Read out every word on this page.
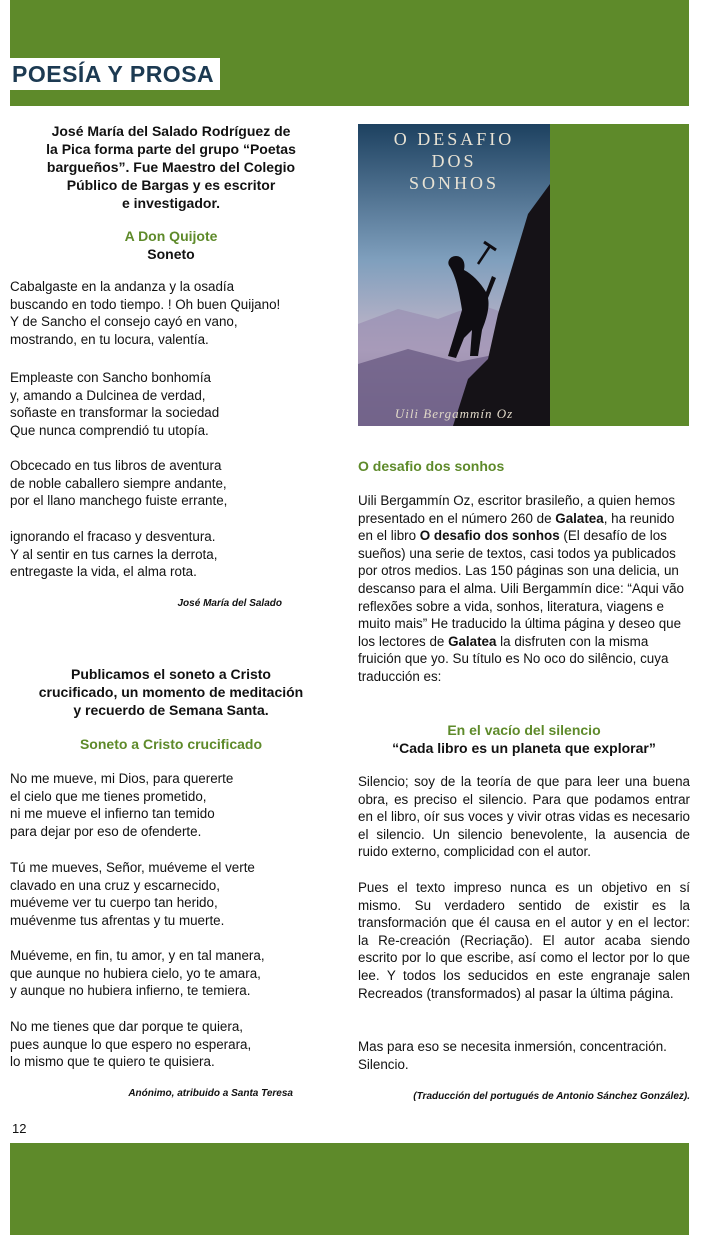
POESÍA Y PROSA
José María del Salado Rodríguez de
la Pica forma parte del grupo “Poetas
bargueños”. Fue Maestro del Colegio
Público de Bargas y es escritor
e investigador.
A Don Quijote
Soneto

Cabalgaste en la andanza y la osadía

buscando en todo tiempo. ! Oh buen Quijano!

Y de Sancho el consejo cayó en vano,

mostrando, en tu locura, valentía.

Empleaste con Sancho bonhomía

y, amando a Dulcinea de verdad,

soñaste en transformar la sociedad

Que nunca comprendió tu utopía.

Obcecado en tus libros de aventura

de noble caballero siempre andante,

por el llano manchego fuiste errante,

ignorando el fracaso y desventura.

Y al sentir en tus carnes la derrota,

entregaste la vida, el alma rota.

José María del Salado
Publicamos el soneto a Cristo
crucificado, un momento de meditación
y recuerdo de Semana Santa.
Soneto a Cristo crucificado

No me mueve, mi Dios, para quererte

el cielo que me tienes prometido,

ni me mueve el infierno tan temido

para dejar por eso de ofenderte.

Tú me mueves, Señor, muéveme el verte

clavado en una cruz y escarnecido,

muéveme ver tu cuerpo tan herido,

muévenme tus afrentas y tu muerte.

Muéveme, en fin, tu amor, y en tal manera,

que aunque no hubiera cielo, yo te amara,

y aunque no hubiera infierno, te temiera.

No me tienes que dar porque te quiera,

pues aunque lo que espero no esperara,

lo mismo que te quiero te quisiera.

Anónimo, atribuido a Santa Teresa
O DESAFIO
DOS
SONHOS
Uili Bergammín Oz
O desafio dos sonhos
Uili Bergammín Oz, escritor brasileño, a quien hemos presentado en el número 260 de Galatea, ha reunido en el libro O desafio dos sonhos (El desafío de los sueños) una serie de textos, casi todos ya publicados por otros medios. Las 150 páginas son una delicia, un descanso para el alma. Uili Bergammín dice: “Aqui vão reflexões sobre a vida, sonhos, literatura, viagens e muito mais” He traducido la última página y deseo que los lectores de Galatea la disfruten con la misma fruición que yo. Su título es No oco do silêncio, cuya traducción es:
En el vacío del silencio
“Cada libro es un planeta que explorar”
Silencio; soy de la teoría de que para leer una buena obra, es preciso el silencio. Para que podamos entrar en el libro, oír sus voces y vivir otras vidas es necesario el silencio. Un silencio benevolente, la ausencia de ruido externo, complicidad con el autor.
Pues el texto impreso nunca es un objetivo en sí mismo. Su verdadero sentido de existir es la transformación que él causa en el autor y en el lector: la Re-creación (Recriação). El autor acaba siendo escrito por lo que escribe, así como el lector por lo que lee. Y todos los seducidos en este engranaje salen Recreados (transformados) al pasar la última página.
Mas para eso se necesita inmersión, concentración. Silencio.
(Traducción del portugués de Antonio Sánchez González).
12
